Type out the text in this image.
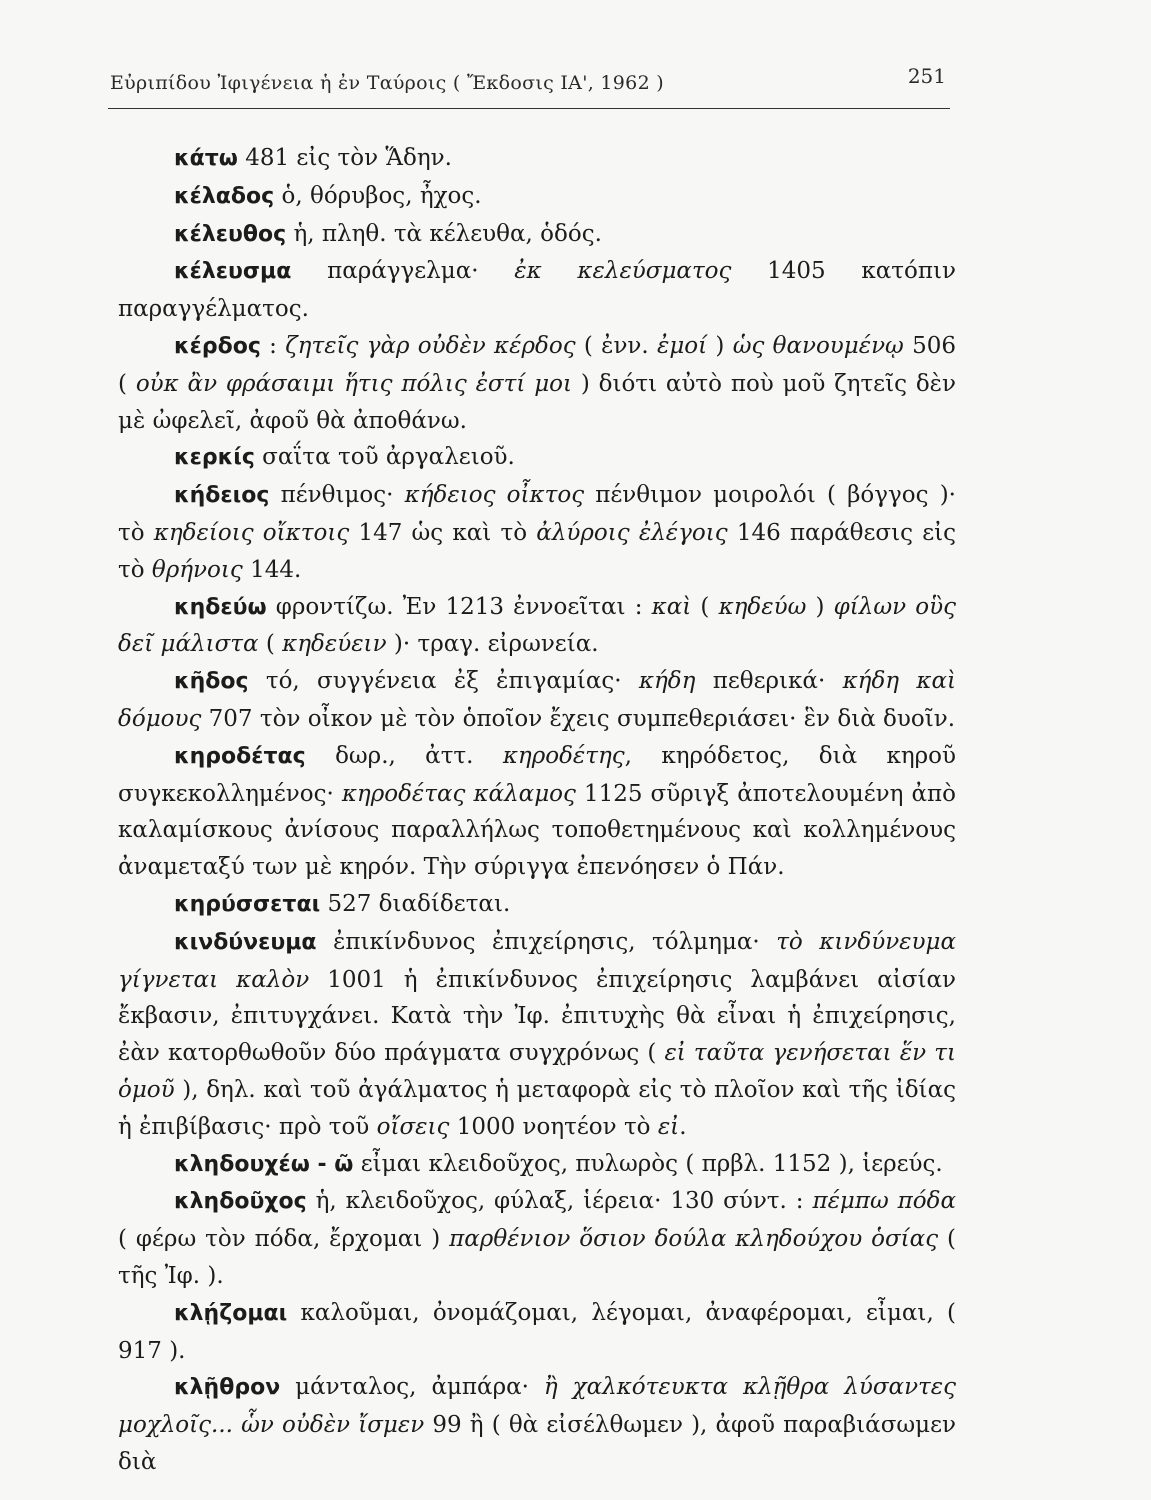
Εὐριπίδου Ἰφιγένεια ἡ ἐν Ταύροις ( Ἔκδοσις ΙΑ', 1962 )	251

κάτω 481 εἰς τὸν Ἅδην.

κέλαδος ὁ, θόρυβος, ἦχος.

κέλευθος ἡ, πληθ. τὰ κέλευθα, ὁδός.

κέλευσμα παράγγελμα· ἐκ κελεύσματος 1405 κατόπιν παραγγέλματος.

κέρδος : ζητεῖς γὰρ οὐδὲν κέρδος ( ἐνν. ἐμοί ) ὡς θανουμένῳ 506 ( οὐκ ἂν φράσαιμι ἥτις πόλις ἐστί μοι ) διότι αὐτὸ ποὺ μοῦ ζητεῖς δὲν μὲ ὠφελεῖ, ἀφοῦ θὰ ἀποθάνω.

κερκίς σαΐτα τοῦ ἀργαλειοῦ.

κήδειος πένθιμος· κήδειος οἶκτος πένθιμον μοιρολόι ( βόγγος )· τὸ κηδείοις οἴκτοις 147 ὡς καὶ τὸ ἀλύροις ἐλέγοις 146 παράθεσις εἰς τὸ θρήνοις 144.

κηδεύω φροντίζω. Ἐν 1213 ἐννοεῖται : καὶ ( κηδεύω ) φίλων οὓς δεῖ μάλιστα ( κηδεύειν )· τραγ. εἰρωνεία.

κῆδος τό, συγγένεια ἐξ ἐπιγαμίας· κήδη πεθερικά· κήδη καὶ δόμους 707 τὸν οἶκον μὲ τὸν ὁποῖον ἔχεις συμπεθεριάσει· ἓν διὰ δυοῖν.

κηροδέτας δωρ., ἀττ. κηροδέτης, κηρόδετος, διὰ κηροῦ συγκεκολλημένος· κηροδέτας κάλαμος 1125 σῦριγξ ἀποτελουμένη ἀπὸ καλαμίσκους ἀνίσους παραλλήλως τοποθετημένους καὶ κολλημένους ἀναμεταξύ των μὲ κηρόν. Τὴν σύριγγα ἐπενόησεν ὁ Πάν.

κηρύσσεται 527 διαδίδεται.

κινδύνευμα ἐπικίνδυνος ἐπιχείρησις, τόλμημα· τὸ κινδύνευμα γίγνεται καλὸν 1001 ἡ ἐπικίνδυνος ἐπιχείρησις λαμβάνει αἰσίαν ἔκβασιν, ἐπιτυγχάνει. Κατὰ τὴν Ἰφ. ἐπιτυχὴς θὰ εἶναι ἡ ἐπιχείρησις, ἐὰν κατορθωθοῦν δύο πράγματα συγχρόνως ( εἰ ταῦτα γενήσεται ἕν τι ὁμοῦ ), δηλ. καὶ τοῦ ἀγάλματος ἡ μεταφορὰ εἰς τὸ πλοῖον καὶ τῆς ἰδίας ἡ ἐπιβίβασις· πρὸ τοῦ οἴσεις 1000 νοητέον τὸ εἰ.

κληδουχέω - ῶ εἶμαι κλειδοῦχος, πυλωρὸς ( πρβλ. 1152 ), ἱερεύς.

κληδοῦχος ἡ, κλειδοῦχος, φύλαξ, ἱέρεια· 130 σύντ. : πέμπω πόδα ( φέρω τὸν πόδα, ἔρχομαι ) παρθένιον ὅσιον δούλα κληδούχου ὁσίας ( τῆς Ἰφ. ).

κλῄζομαι καλοῦμαι, ὀνομάζομαι, λέγομαι, ἀναφέρομαι, εἶμαι, ( 917 ).

κλῇθρον μάνταλος, ἀμπάρα· ἢ χαλκότευκτα κλῇθρα λύσαντες μοχλοῖς... ὧν οὐδὲν ἴσμεν 99 ἢ ( θὰ εἰσέλθωμεν ), ἀφοῦ παραβιάσωμεν διὰ
